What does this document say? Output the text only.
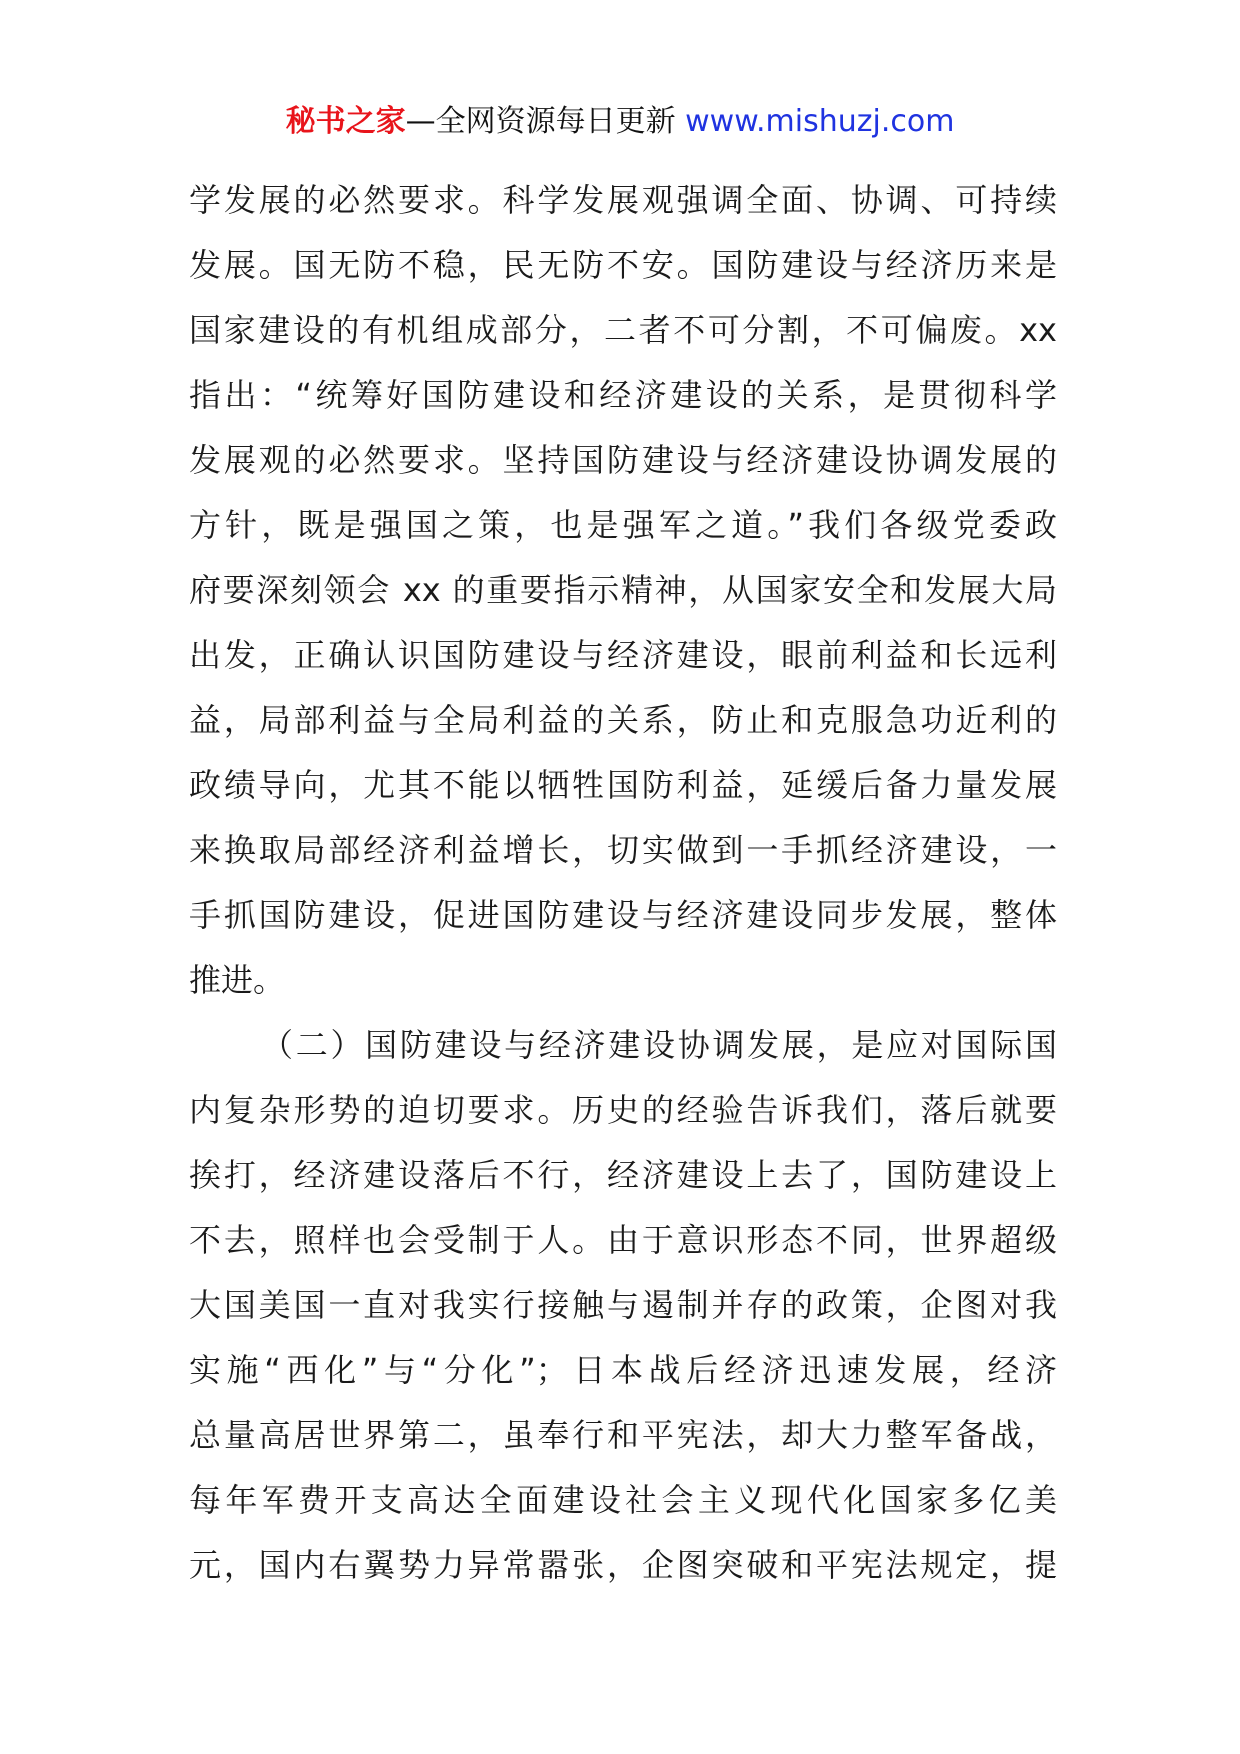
秘书之家—全网资源每日更新 www.mishuzj.com
学发展的必然要求。科学发展观强调全面、协调、可持续
发展。国无防不稳，民无防不安。国防建设与经济历来是
国家建设的有机组成部分，二者不可分割，不可偏废。xx
指出：“统筹好国防建设和经济建设的关系，是贯彻科学
发展观的必然要求。坚持国防建设与经济建设协调发展的
方针，既是强国之策，也是强军之道。”我们各级党委政
府要深刻领会 xx 的重要指示精神，从国家安全和发展大局
出发，正确认识国防建设与经济建设，眼前利益和长远利
益，局部利益与全局利益的关系，防止和克服急功近利的
政绩导向，尤其不能以牺牲国防利益，延缓后备力量发展
来换取局部经济利益增长，切实做到一手抓经济建设，一
手抓国防建设，促进国防建设与经济建设同步发展，整体
推进。
（二）国防建设与经济建设协调发展，是应对国际国
内复杂形势的迫切要求。历史的经验告诉我们，落后就要
挨打，经济建设落后不行，经济建设上去了，国防建设上
不去，照样也会受制于人。由于意识形态不同，世界超级
大国美国一直对我实行接触与遏制并存的政策，企图对我
实施“西化”与“分化”；日本战后经济迅速发展，经济
总量高居世界第二，虽奉行和平宪法，却大力整军备战，
每年军费开支高达全面建设社会主义现代化国家多亿美
元，国内右翼势力异常嚣张，企图突破和平宪法规定，提
